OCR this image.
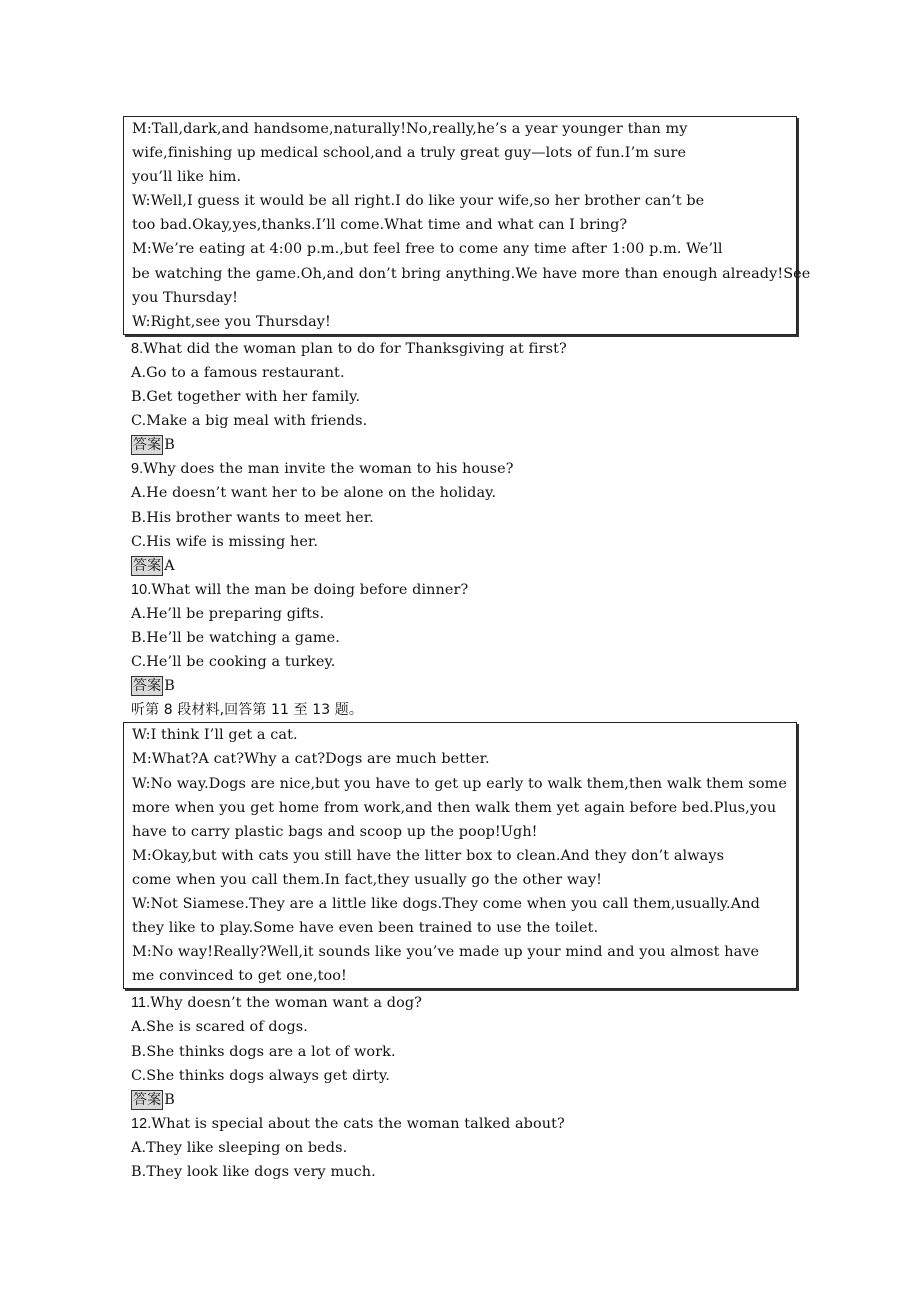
M:Tall,dark,and handsome,naturally!No,really,he’s a year younger than my
wife,finishing up medical school,and a truly great guy—lots of fun.I’m sure
you’ll like him.
W:Well,I guess it would be all right.I do like your wife,so her brother can’t be
too bad.Okay,yes,thanks.I’ll come.What time and what can I bring?
M:We’re eating at 4:00 p.m.,but feel free to come any time after 1:00 p.m. We’ll
be watching the game.Oh,and don’t bring anything.We have more than enough already!See
you Thursday!
W:Right,see you Thursday!
8.What did the woman plan to do for Thanksgiving at first?
A.Go to a famous restaurant.
B.Get together with her family.
C.Make a big meal with friends.
答案 B
9.Why does the man invite the woman to his house?
A.He doesn’t want her to be alone on the holiday.
B.His brother wants to meet her.
C.His wife is missing her.
答案 A
10.What will the man be doing before dinner?
A.He’ll be preparing gifts.
B.He’ll be watching a game.
C.He’ll be cooking a turkey.
答案 B
听第 8 段材料,回答第 11 至 13 题。
W:I think I’ll get a cat.
M:What?A cat?Why a cat?Dogs are much better.
W:No way.Dogs are nice,but you have to get up early to walk them,then walk them some
more when you get home from work,and then walk them yet again before bed.Plus,you
have to carry plastic bags and scoop up the poop!Ugh!
M:Okay,but with cats you still have the litter box to clean.And they don’t always
come when you call them.In fact,they usually go the other way!
W:Not Siamese.They are a little like dogs.They come when you call them,usually.And
they like to play.Some have even been trained to use the toilet.
M:No way!Really?Well,it sounds like you’ve made up your mind and you almost have
me convinced to get one,too!
11.Why doesn’t the woman want a dog?
A.She is scared of dogs.
B.She thinks dogs are a lot of work.
C.She thinks dogs always get dirty.
答案 B
12.What is special about the cats the woman talked about?
A.They like sleeping on beds.
B.They look like dogs very much.
